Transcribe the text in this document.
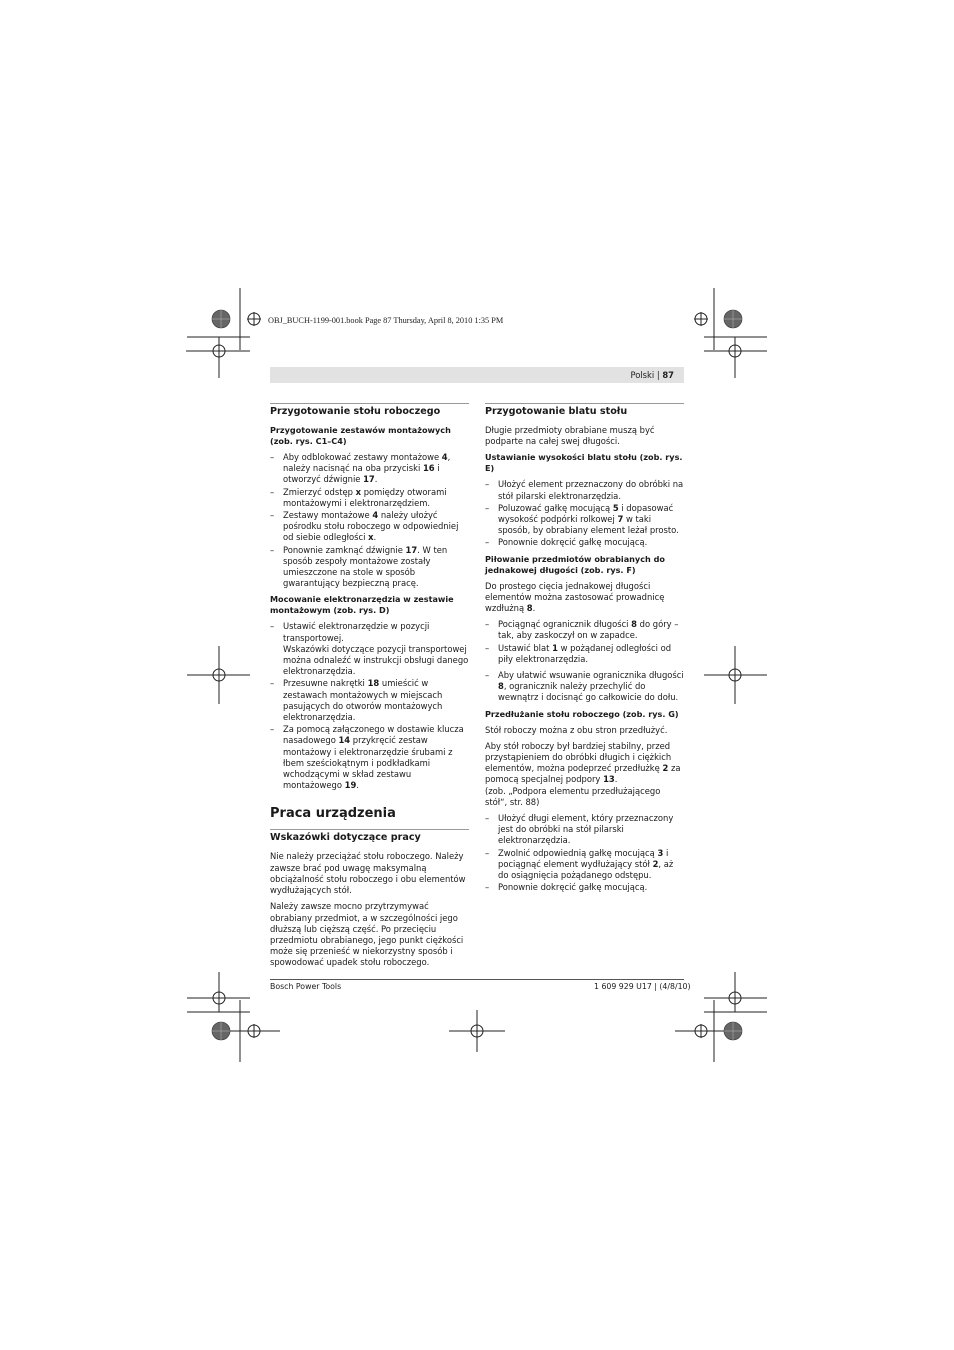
OBJ_BUCH-1199-001.book Page 87 Thursday, April 8, 2010 1:35 PM
Polski | 87
Przygotowanie stołu roboczego
Przygotowanie zestawów montażowych (zob. rys. C1–C4)
– Aby odblokować zestawy montażowe 4, należy nacisnąć na oba przyciski 16 i otworzyć dźwignie 17.
– Zmierzyć odstęp x pomiędzy otworami montażowymi i elektronarzędziem.
– Zestawy montażowe 4 należy ułożyć pośrodku stołu roboczego w odpowiedniej od siebie odległości x.
– Ponownie zamknąć dźwignie 17. W ten sposób zespoły montażowe zostały umieszczone na stole w sposób gwarantujący bezpieczną pracę.
Mocowanie elektronarzędzia w zestawie montażowym (zob. rys. D)
– Ustawić elektronarzędzie w pozycji transportowej.
Wskazówki dotyczące pozycji transportowej można odnaleźć w instrukcji obsługi danego elektronarzędzia.
– Przesuwne nakrętki 18 umieścić w zestawach montażowych w miejscach pasujących do otworów montażowych elektronarzędzia.
– Za pomocą załączonego w dostawie klucza nasadowego 14 przykręcić zestaw montażowy i elektronarzędzie śrubami z łbem sześciokątnym i podkładkami wchodzącymi w skład zestawu montażowego 19.
Praca urządzenia
Wskazówki dotyczące pracy

Nie należy przeciążać stołu roboczego. Należy zawsze brać pod uwagę maksymalną obciążalność stołu roboczego i obu elementów wydłużających stół.

Należy zawsze mocno przytrzymywać obrabiany przedmiot, a w szczególności jego dłuższą lub cięższą część. Po przecięciu przedmiotu obrabianego, jego punkt ciężkości może się przenieść w niekorzystny sposób i spowodować upadek stołu roboczego.

Przygotowanie blatu stołu

Długie przedmioty obrabiane muszą być podparte na całej swej długości.

Ustawianie wysokości blatu stołu (zob. rys. E)
– Ułożyć element przeznaczony do obróbki na stół pilarski elektronarzędzia.
– Poluzować gałkę mocującą 5 i dopasować wysokość podpórki rolkowej 7 w taki sposób, by obrabiany element leżał prosto.
– Ponownie dokręcić gałkę mocującą.
Piłowanie przedmiotów obrabianych do jednakowej długości (zob. rys. F)

Do prostego cięcia jednakowej długości elementów można zastosować prowadnicę wzdłużną 8.

– Pociągnąć ogranicznik długości 8 do góry – tak, aby zaskoczył on w zapadce.
– Ustawić blat 1 w pożądanej odległości od piły elektronarzędzia.
– Aby ułatwić wsuwanie ogranicznika długości 8, ogranicznik należy przechylić do wewnątrz i docisnąć go całkowicie do dołu.
Przedłużanie stołu roboczego (zob. rys. G)

Stół roboczy można z obu stron przedłużyć.

Aby stół roboczy był bardziej stabilny, przed przystąpieniem do obróbki długich i ciężkich elementów, można podeprzeć przedłużkę 2 za pomocą specjalnej podpory 13.
(zob. „Podpora elementu przedłużającego stół“, str. 88)

– Ułożyć długi element, który przeznaczony jest do obróbki na stół pilarski elektronarzędzia.
– Zwolnić odpowiednią gałkę mocującą 3 i pociągnąć element wydłużający stół 2, aż do osiągnięcia pożądanego odstępu.
– Ponownie dokręcić gałkę mocującą.
Bosch Power Tools	1 609 929 U17 | (4/8/10)
